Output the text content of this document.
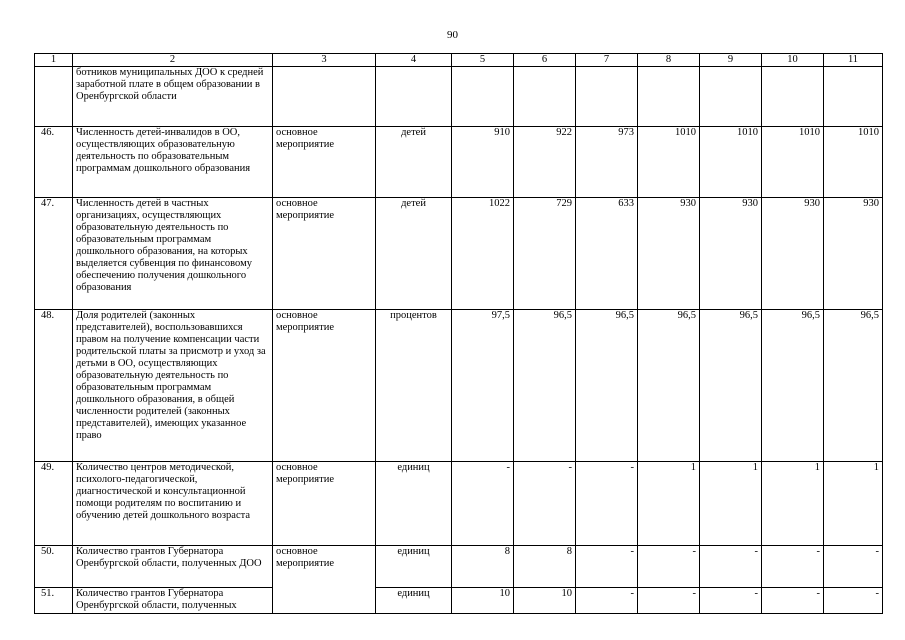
90
1	2	3	4	5	6	7	8	9	10	11
	ботников муниципальных ДОО к средней заработной плате в общем образовании в Оренбургской области									
46.	Численность детей-инвалидов в ОО, осуществляющих образовательную деятельность по образовательным программам дошкольного образования	основное мероприятие	детей	910	922	973	1010	1010	1010	1010
47.	Численность детей в частных организациях, осуществляющих образовательную деятельность по образовательным программам дошкольного образования, на которых выделяется субвенция по финансовому обеспечению получения дошкольного образования	основное мероприятие	детей	1022	729	633	930	930	930	930
48.	Доля родителей (законных представителей), воспользовавшихся правом на получение компенсации части родительской платы за присмотр и уход за детьми в ОО, осуществляющих образовательную деятельность по образовательным программам дошкольного образования, в общей численности родителей (законных представителей), имеющих указанное право	основное мероприятие	процентов	97,5	96,5	96,5	96,5	96,5	96,5	96,5
49.	Количество центров методической, психолого-педагогической, диагностической и консультационной помощи родителям по воспитанию и обучению детей дошкольного возраста	основное мероприятие	единиц	-	-	-	1	1	1	1
50.	Количество грантов Губернатора Оренбургской области, полученных ДОО	основное мероприятие	единиц	8	8	-	-	-	-	-
51.	Количество грантов Губернатора Оренбургской области, полученных		единиц	10	10	-	-	-	-	-
